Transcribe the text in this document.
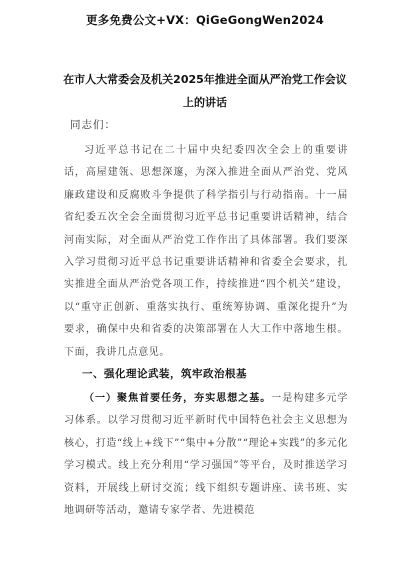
更多免费公文+VX：QiGeGongWen2024
在市人大常委会及机关2025年推进全面从严治党工作会议上的讲话
同志们：

习近平总书记在二十届中央纪委四次全会上的重要讲话，高屋建瓴、思想深邃，为深入推进全面从严治党、党风廉政建设和反腐败斗争提供了科学指引与行动指南。十一届省纪委五次全会全面贯彻习近平总书记重要讲话精神，结合河南实际，对全面从严治党工作作出了具体部署。我们要深入学习贯彻习近平总书记重要讲话精神和省委全会要求，扎实推进全面从严治党各项工作，持续推进“四个机关”建设，以“重守正创新、重落实执行、重统筹协调、重深化提升”为要求，确保中央和省委的决策部署在人大工作中落地生根。下面，我讲几点意见。

一、强化理论武装，筑牢政治根基

（一）聚焦首要任务，夯实思想之基。一是构建多元学习体系。以学习贯彻习近平新时代中国特色社会主义思想为核心，打造“线上+线下”“集中+分散”“理论+实践”的多元化学习模式。线上充分利用“学习强国”等平台，及时推送学习资料，开展线上研讨交流；线下组织专题讲座、读书班、实地调研等活动，邀请专家学者、先进模范
